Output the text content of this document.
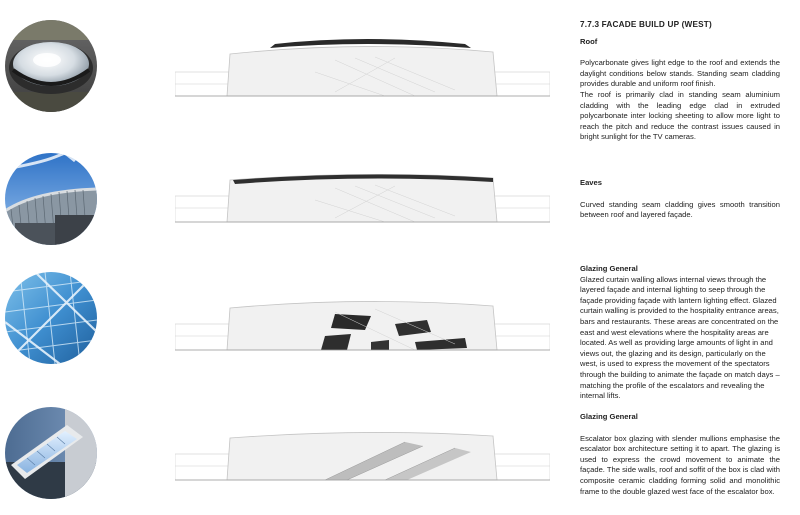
7.7.3 FACADE BUILD UP (WEST)
Roof

Polycarbonate gives light edge to the roof and extends the daylight conditions below stands. Standing seam cladding provides durable and uniform roof finish.

The roof is primarily clad in standing seam aluminium cladding with the leading edge clad in extruded polycarbonate inter locking sheeting to allow more light to reach the pitch and reduce the contrast issues caused in bright sunlight for the TV cameras.

Eaves

Curved standing seam cladding gives smooth transition between roof and layered façade.

Glazing General

Glazed curtain walling allows internal views through the layered façade and internal lighting to seep through the façade providing façade with lantern lighting effect. Glazed curtain walling is provided to the hospitality entrance areas, bars and restaurants. These areas are concentrated on the east and west elevations where the hospitality areas are located. As well as providing large amounts of light in and views out, the glazing and its design, particularly on the west, is used to express the movement of the spectators through the building to animate the façade on match days – matching the profile of the escalators and revealing the internal lifts.

Glazing General

Escalator box glazing with slender mullions emphasise the escalator box architecture setting it to apart. The glazing is used to express the crowd movement to animate the façade. The side walls, roof and soffit of the box is clad with composite ceramic cladding forming solid and monolithic frame to the double glazed west face of the escalator box.
